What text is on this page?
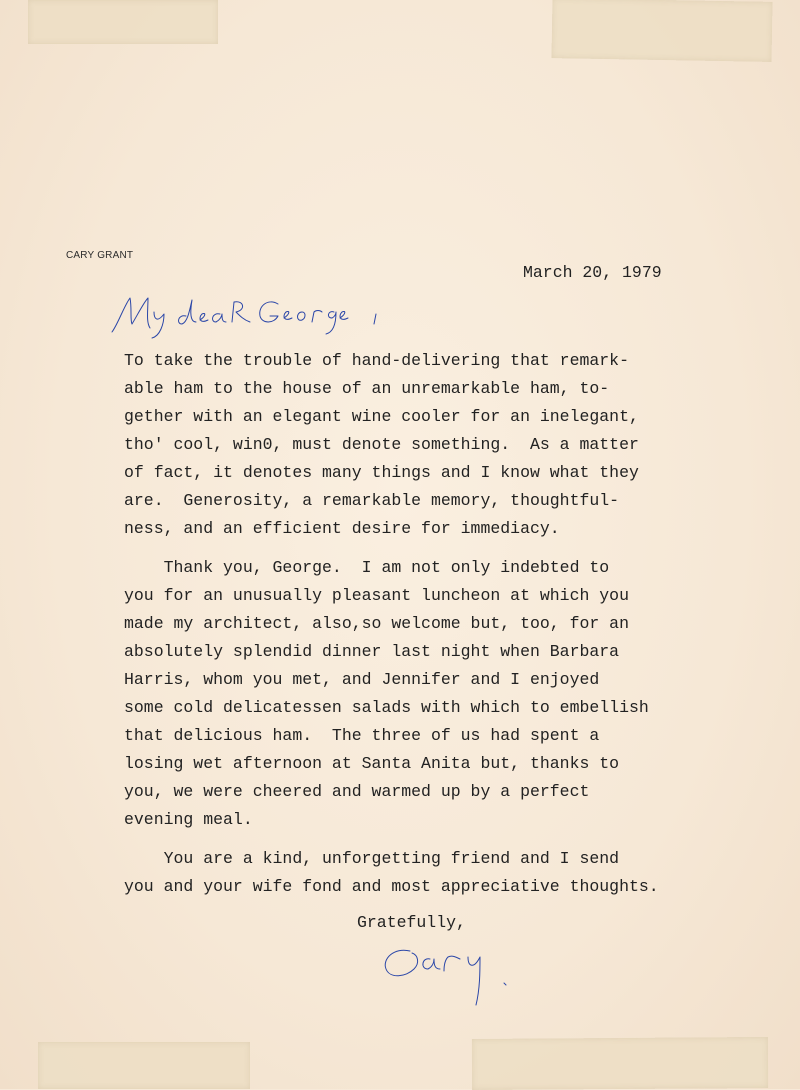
CARY GRANT
March 20, 1979
To take the trouble of hand-delivering that remark-
able ham to the house of an unremarkable ham, to-
gether with an elegant wine cooler for an inelegant,
tho' cool, win0, must denote something.  As a matter
of fact, it denotes many things and I know what they
are.  Generosity, a remarkable memory, thoughtful-
ness, and an efficient desire for immediacy.
Thank you, George.  I am not only indebted to
you for an unusually pleasant luncheon at which you
made my architect, also,so welcome but, too, for an
absolutely splendid dinner last night when Barbara
Harris, whom you met, and Jennifer and I enjoyed
some cold delicatessen salads with which to embellish
that delicious ham.  The three of us had spent a
losing wet afternoon at Santa Anita but, thanks to
you, we were cheered and warmed up by a perfect
evening meal.
You are a kind, unforgetting friend and I send
you and your wife fond and most appreciative thoughts.
Gratefully,
